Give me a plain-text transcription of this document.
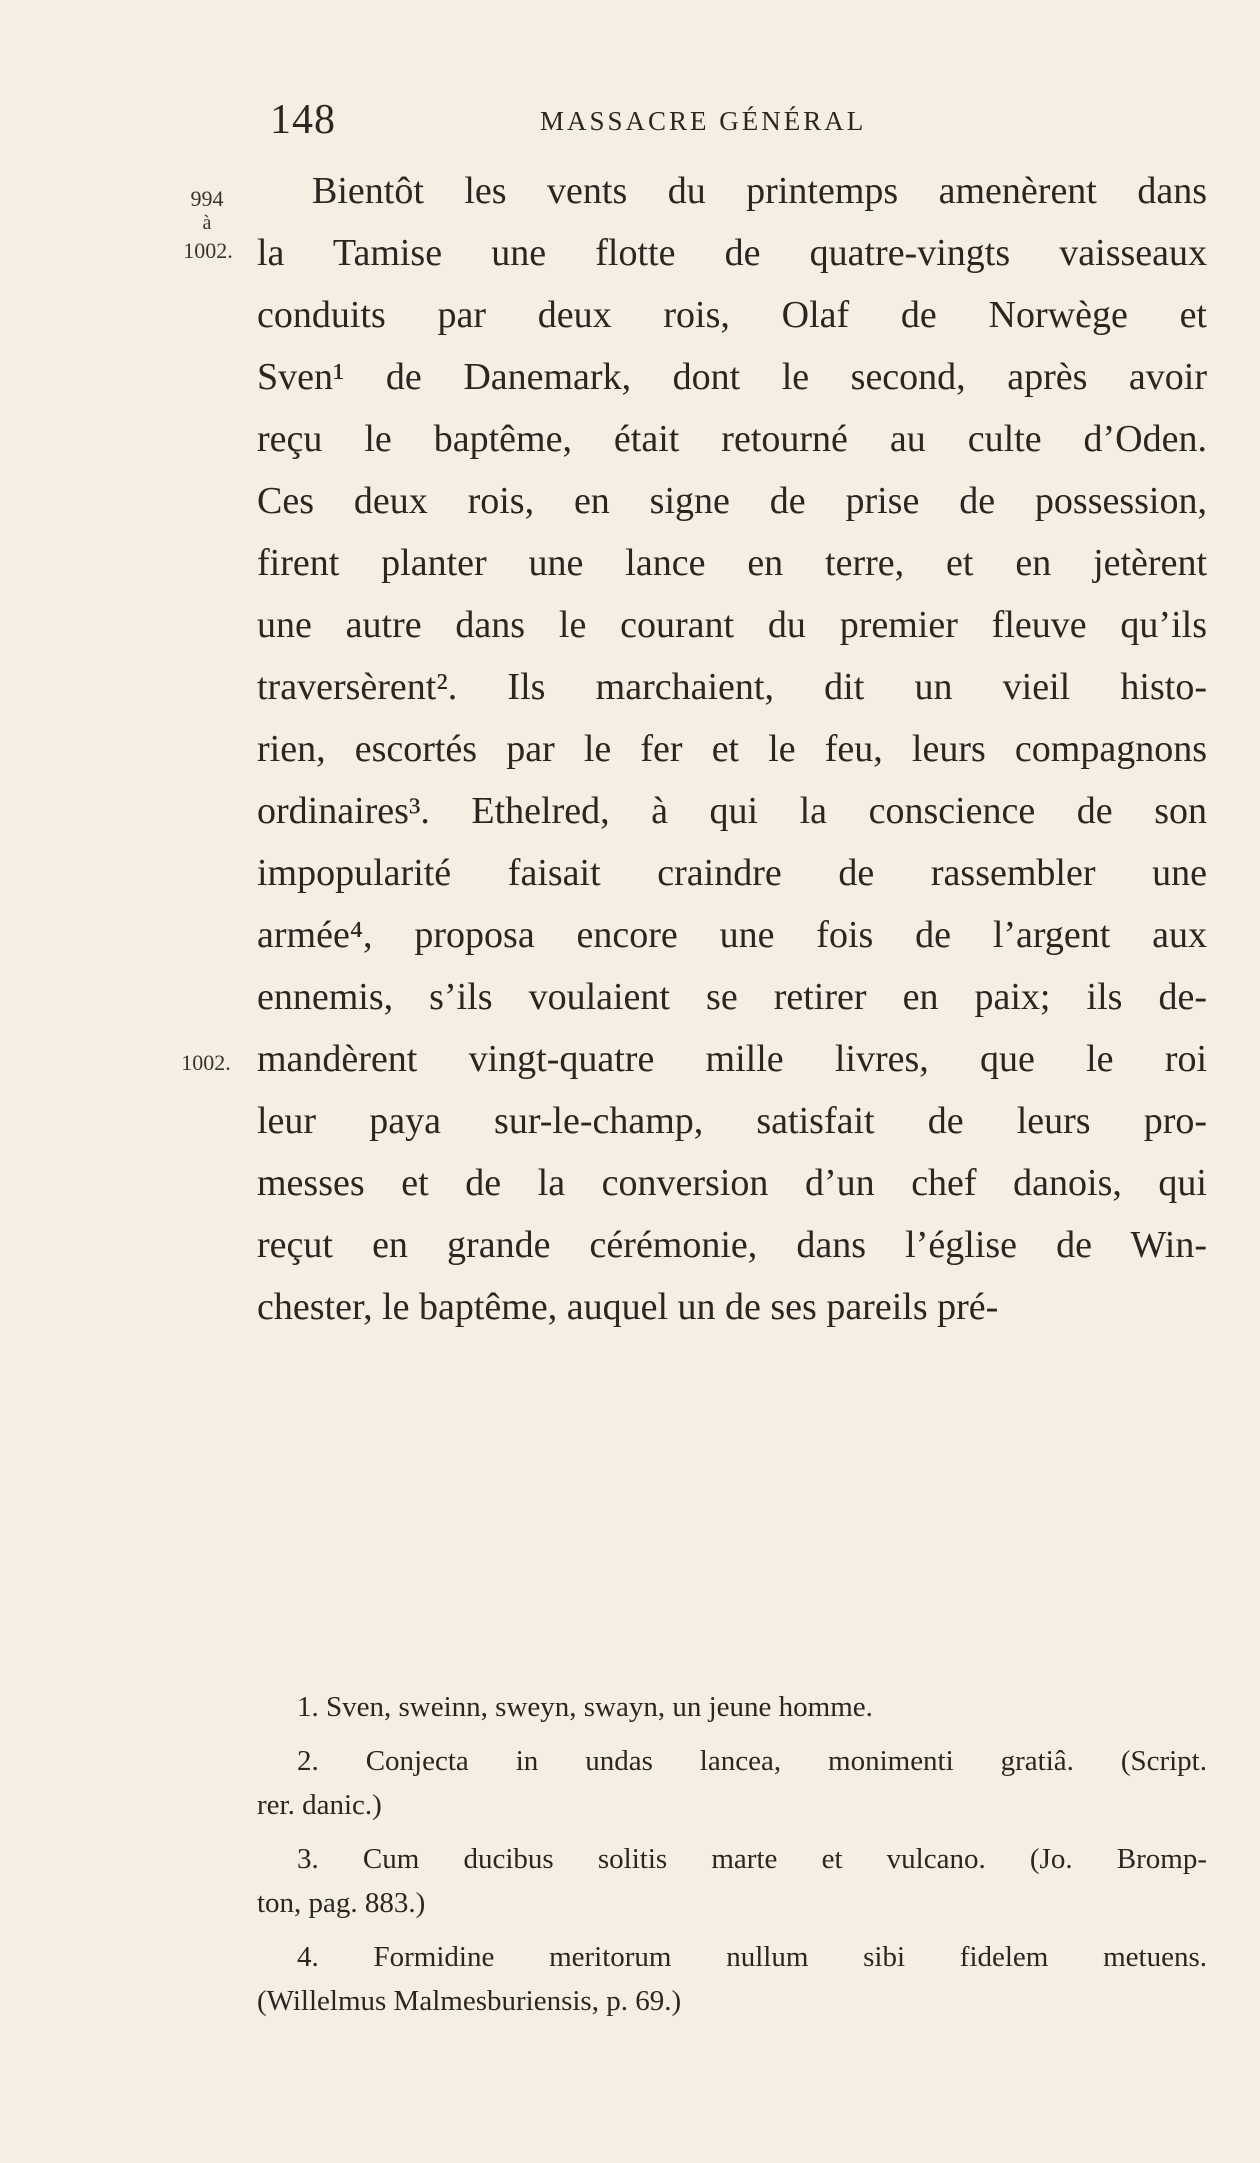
148	MASSACRE GÉNÉRAL
994
à
1002.
1002.
Bientôt les vents du printemps amenèrent dans
la Tamise une flotte de quatre-vingts vaisseaux
conduits par deux rois, Olaf de Norwège et
Sven¹ de Danemark, dont le second, après avoir
reçu le baptême, était retourné au culte d’Oden.
Ces deux rois, en signe de prise de possession,
firent planter une lance en terre, et en jetèrent
une autre dans le courant du premier fleuve qu’ils
traversèrent². Ils marchaient, dit un vieil histo-
rien, escortés par le fer et le feu, leurs compagnons
ordinaires³. Ethelred, à qui la conscience de son
impopularité faisait craindre de rassembler une
armée⁴, proposa encore une fois de l’argent aux
ennemis, s’ils voulaient se retirer en paix; ils de-
mandèrent vingt-quatre mille livres, que le roi
leur paya sur-le-champ, satisfait de leurs pro-
messes et de la conversion d’un chef danois, qui
reçut en grande cérémonie, dans l’église de Win-
chester, le baptême, auquel un de ses pareils pré-
1. Sven, sweinn, sweyn, swayn, un jeune homme.
2. Conjecta in undas lancea, monimenti gratiâ. (Script.
rer. danic.)
3. Cum ducibus solitis marte et vulcano. (Jo. Bromp-
ton, pag. 883.)
4. Formidine meritorum nullum sibi fidelem metuens.
(Willelmus Malmesburiensis, p. 69.)
